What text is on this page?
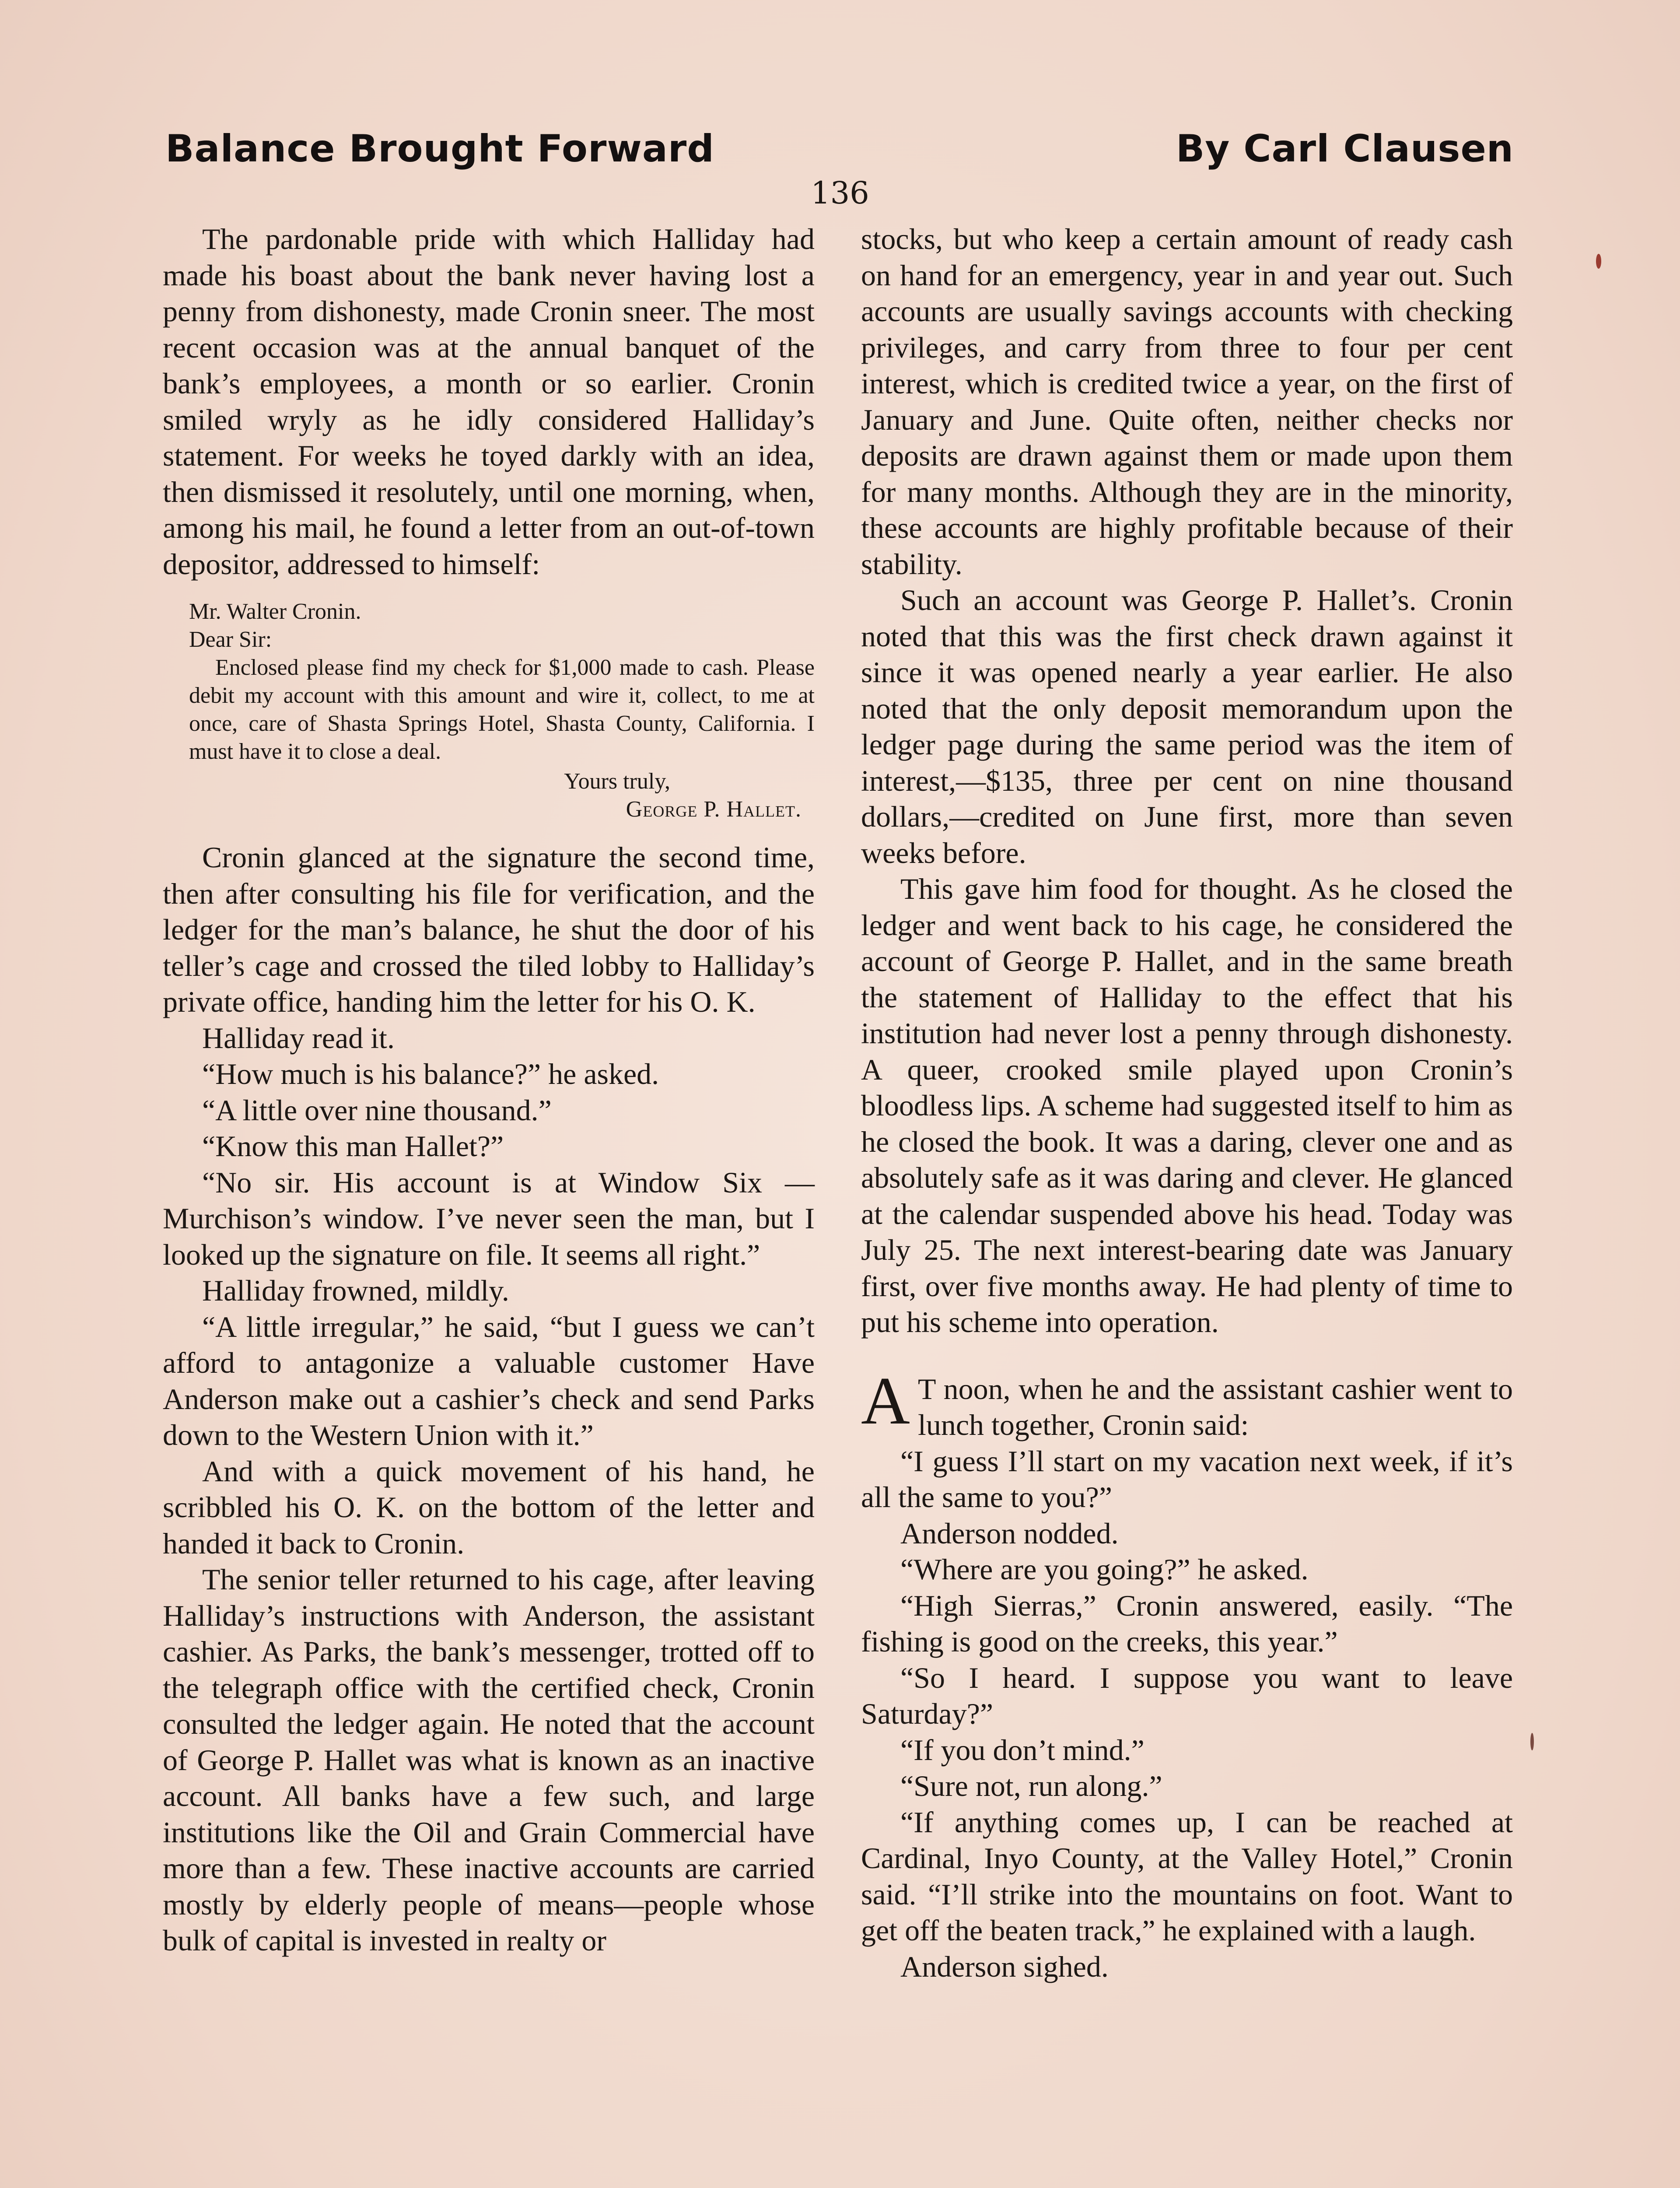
Balance Brought Forward	By Carl Clausen
136

The pardonable pride with which Halliday had made his boast about the bank never having lost a penny from dishonesty, made Cronin sneer. The most recent occasion was at the annual banquet of the bank’s employees, a month or so earlier. Cronin smiled wryly as he idly considered Halliday’s statement. For weeks he toyed darkly with an idea, then dismissed it resolutely, until one morning, when, among his mail, he found a letter from an out-of-town depositor, addressed to himself:

Mr. Walter Cronin.

Dear Sir:

Enclosed please find my check for $1,000 made to cash. Please debit my account with this amount and wire it, collect, to me at once, care of Shasta Springs Hotel, Shasta County, California. I must have it to close a deal.

Yours truly,

George P. Hallet.

Cronin glanced at the signature the second time, then after consulting his file for verification, and the ledger for the man’s balance, he shut the door of his teller’s cage and crossed the tiled lobby to Halliday’s private office, handing him the letter for his O. K.

Halliday read it.

“How much is his balance?” he asked.

“A little over nine thousand.”

“Know this man Hallet?”

“No sir. His account is at Window Six —Murchison’s window. I’ve never seen the man, but I looked up the signature on file. It seems all right.”

Halliday frowned, mildly.

“A little irregular,” he said, “but I guess we can’t afford to antagonize a valuable customer Have Anderson make out a cashier’s check and send Parks down to the Western Union with it.”

And with a quick movement of his hand, he scribbled his O. K. on the bottom of the letter and handed it back to Cronin.

The senior teller returned to his cage, after leaving Halliday’s instructions with Anderson, the assistant cashier. As Parks, the bank’s messenger, trotted off to the telegraph office with the certified check, Cronin consulted the ledger again. He noted that the account of George P. Hallet was what is known as an inactive account. All banks have a few such, and large institutions like the Oil and Grain Commercial have more than a few. These inactive accounts are carried mostly by elderly people of means—people whose bulk of capital is invested in realty or

stocks, but who keep a certain amount of ready cash on hand for an emergency, year in and year out. Such accounts are usually savings accounts with checking privileges, and carry from three to four per cent interest, which is credited twice a year, on the first of January and June. Quite often, neither checks nor deposits are drawn against them or made upon them for many months. Although they are in the minority, these accounts are highly profitable because of their stability.

Such an account was George P. Hallet’s. Cronin noted that this was the first check drawn against it since it was opened nearly a year earlier. He also noted that the only deposit memorandum upon the ledger page during the same period was the item of interest,—$135, three per cent on nine thousand dollars,—credited on June first, more than seven weeks before.

This gave him food for thought. As he closed the ledger and went back to his cage, he considered the account of George P. Hallet, and in the same breath the statement of Halliday to the effect that his institution had never lost a penny through dishonesty. A queer, crooked smile played upon Cronin’s bloodless lips. A scheme had suggested itself to him as he closed the book. It was a daring, clever one and as absolutely safe as it was daring and clever. He glanced at the calendar suspended above his head. Today was July 25. The next interest-bearing date was January first, over five months away. He had plenty of time to put his scheme into operation.

A T noon, when he and the assistant cashier went to lunch together, Cronin said:

“I guess I’ll start on my vacation next week, if it’s all the same to you?”

Anderson nodded.

“Where are you going?” he asked.

“High Sierras,” Cronin answered, easily. “The fishing is good on the creeks, this year.”

“So I heard. I suppose you want to leave Saturday?”

“If you don’t mind.”

“Sure not, run along.”

“If anything comes up, I can be reached at Cardinal, Inyo County, at the Valley Hotel,” Cronin said. “I’ll strike into the mountains on foot. Want to get off the beaten track,” he explained with a laugh.

Anderson sighed.
